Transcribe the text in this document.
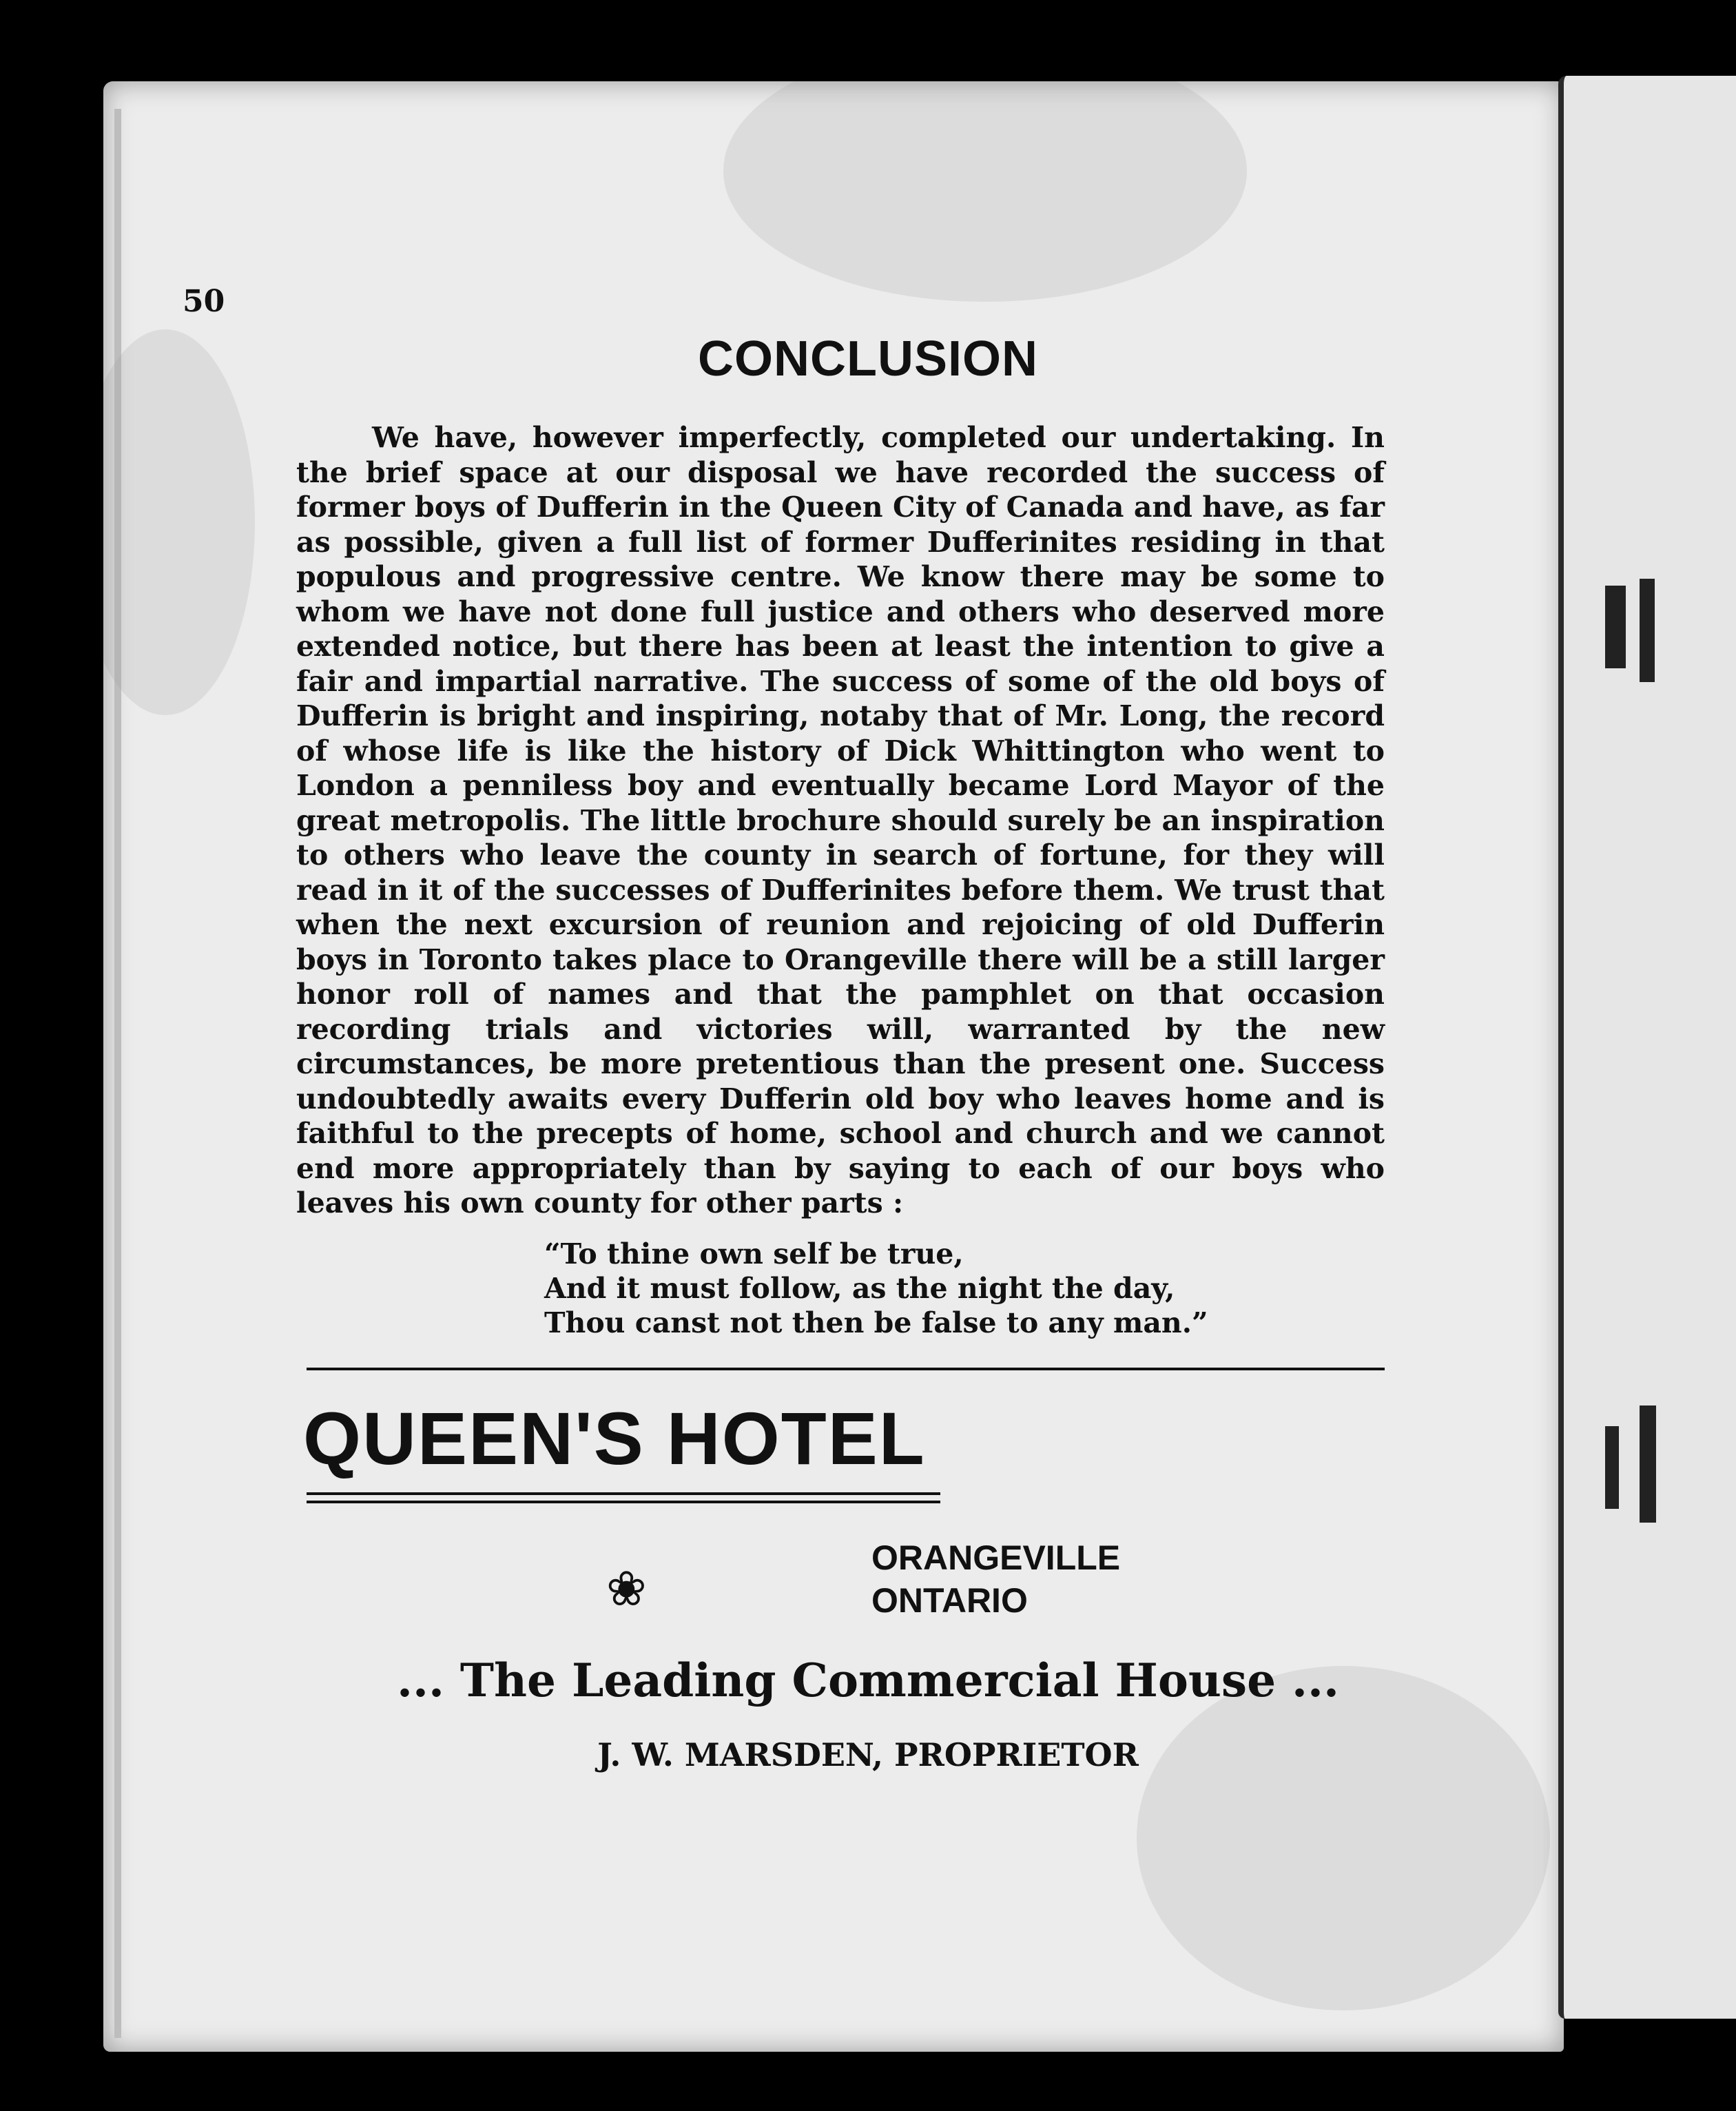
50
CONCLUSION
We have, however imperfectly, completed our undertaking. In the brief space at our disposal we have recorded the success of former boys of Dufferin in the Queen City of Canada and have, as far as possible, given a full list of former Dufferinites residing in that populous and progressive centre. We know there may be some to whom we have not done full justice and others who deserved more extended notice, but there has been at least the intention to give a fair and impartial narrative. The success of some of the old boys of Dufferin is bright and inspiring, notaby that of Mr. Long, the record of whose life is like the history of Dick Whittington who went to London a penniless boy and eventually became Lord Mayor of the great metropolis. The little brochure should surely be an inspiration to others who leave the county in search of fortune, for they will read in it of the successes of Dufferinites before them. We trust that when the next excursion of reunion and rejoicing of old Dufferin boys in Toronto takes place to Orangeville there will be a still larger honor roll of names and that the pamphlet on that occasion recording trials and victories will, warranted by the new circumstances, be more pretentious than the present one. Success undoubtedly awaits every Dufferin old boy who leaves home and is faithful to the precepts of home, school and church and we cannot end more appropriately than by saying to each of our boys who leaves his own county for other parts :
“To thine own self be true,
And it must follow, as the night the day,
Thou canst not then be false to any man.”
QUEEN'S HOTEL
❀
ORANGEVILLE
ONTARIO
... The Leading Commercial House ...
J. W. MARSDEN, PROPRIETOR
